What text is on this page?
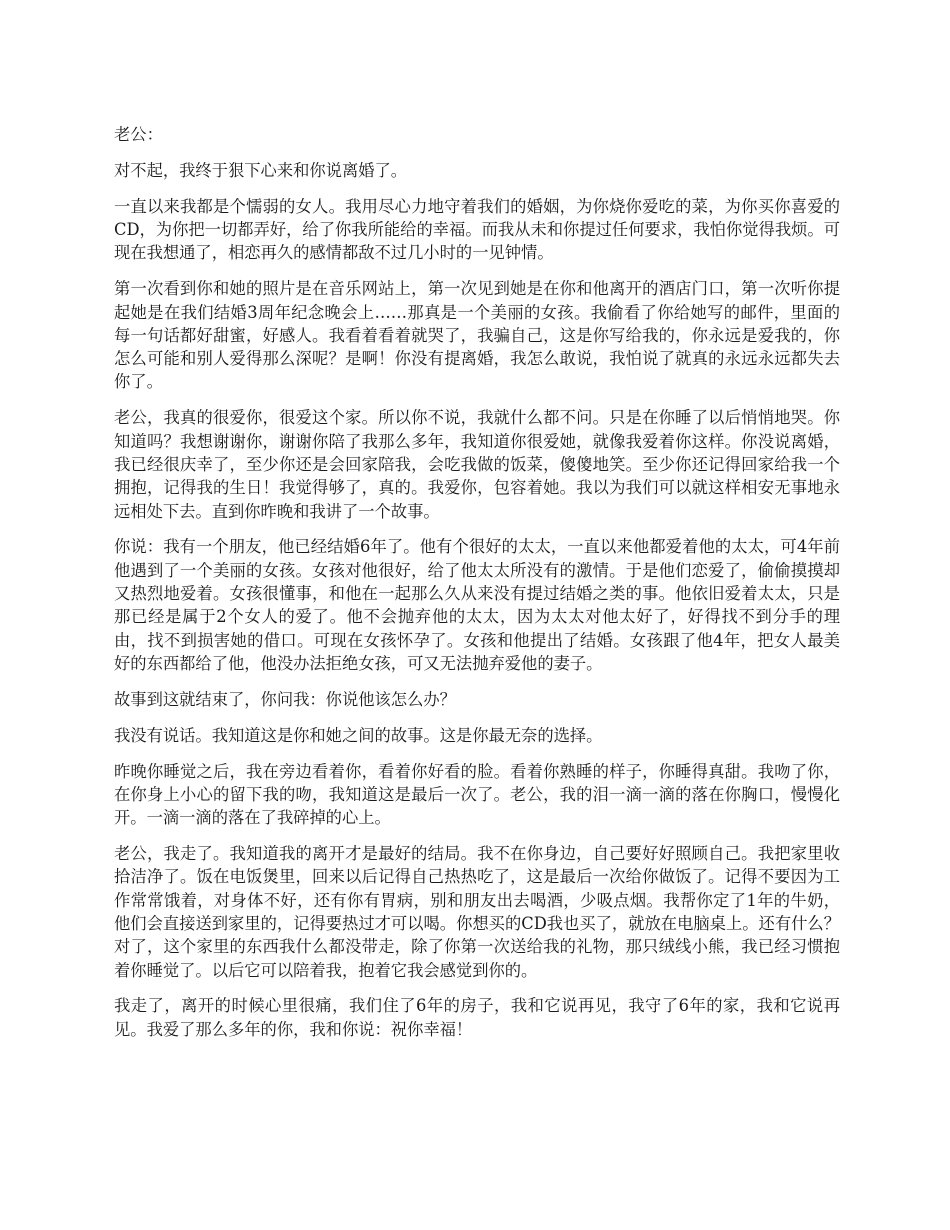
老公：

对不起，我终于狠下心来和你说离婚了。

一直以来我都是个懦弱的女人。我用尽心力地守着我们的婚姻，为你烧你爱吃的菜，为你买你喜爱的CD，为你把一切都弄好，给了你我所能给的幸福。而我从未和你提过任何要求，我怕你觉得我烦。可现在我想通了，相恋再久的感情都敌不过几小时的一见钟情。

第一次看到你和她的照片是在音乐网站上，第一次见到她是在你和他离开的酒店门口，第一次听你提起她是在我们结婚3周年纪念晚会上……那真是一个美丽的女孩。我偷看了你给她写的邮件，里面的每一句话都好甜蜜，好感人。我看着看着就哭了，我骗自己，这是你写给我的，你永远是爱我的，你怎么可能和别人爱得那么深呢？是啊！你没有提离婚，我怎么敢说，我怕说了就真的永远永远都失去你了。

老公，我真的很爱你，很爱这个家。所以你不说，我就什么都不问。只是在你睡了以后悄悄地哭。你知道吗？我想谢谢你，谢谢你陪了我那么多年，我知道你很爱她，就像我爱着你这样。你没说离婚，我已经很庆幸了，至少你还是会回家陪我，会吃我做的饭菜，傻傻地笑。至少你还记得回家给我一个拥抱，记得我的生日！我觉得够了，真的。我爱你，包容着她。我以为我们可以就这样相安无事地永远相处下去。直到你昨晚和我讲了一个故事。

你说：我有一个朋友，他已经结婚6年了。他有个很好的太太，一直以来他都爱着他的太太，可4年前他遇到了一个美丽的女孩。女孩对他很好，给了他太太所没有的激情。于是他们恋爱了，偷偷摸摸却又热烈地爱着。女孩很懂事，和他在一起那么久从来没有提过结婚之类的事。他依旧爱着太太，只是那已经是属于2个女人的爱了。他不会抛弃他的太太，因为太太对他太好了，好得找不到分手的理由，找不到损害她的借口。可现在女孩怀孕了。女孩和他提出了结婚。女孩跟了他4年，把女人最美好的东西都给了他，他没办法拒绝女孩，可又无法抛弃爱他的妻子。

故事到这就结束了，你问我：你说他该怎么办？

我没有说话。我知道这是你和她之间的故事。这是你最无奈的选择。

昨晚你睡觉之后，我在旁边看着你，看着你好看的脸。看着你熟睡的样子，你睡得真甜。我吻了你，在你身上小心的留下我的吻，我知道这是最后一次了。老公，我的泪一滴一滴的落在你胸口，慢慢化开。一滴一滴的落在了我碎掉的心上。

老公，我走了。我知道我的离开才是最好的结局。我不在你身边，自己要好好照顾自己。我把家里收拾洁净了。饭在电饭煲里，回来以后记得自己热热吃了，这是最后一次给你做饭了。记得不要因为工作常常饿着，对身体不好，还有你有胃病，别和朋友出去喝酒，少吸点烟。我帮你定了1年的牛奶，他们会直接送到家里的，记得要热过才可以喝。你想买的CD我也买了，就放在电脑桌上。还有什么？对了，这个家里的东西我什么都没带走，除了你第一次送给我的礼物，那只绒线小熊，我已经习惯抱着你睡觉了。以后它可以陪着我，抱着它我会感觉到你的。

我走了，离开的时候心里很痛，我们住了6年的房子，我和它说再见，我守了6年的家，我和它说再见。我爱了那么多年的你，我和你说：祝你幸福！
